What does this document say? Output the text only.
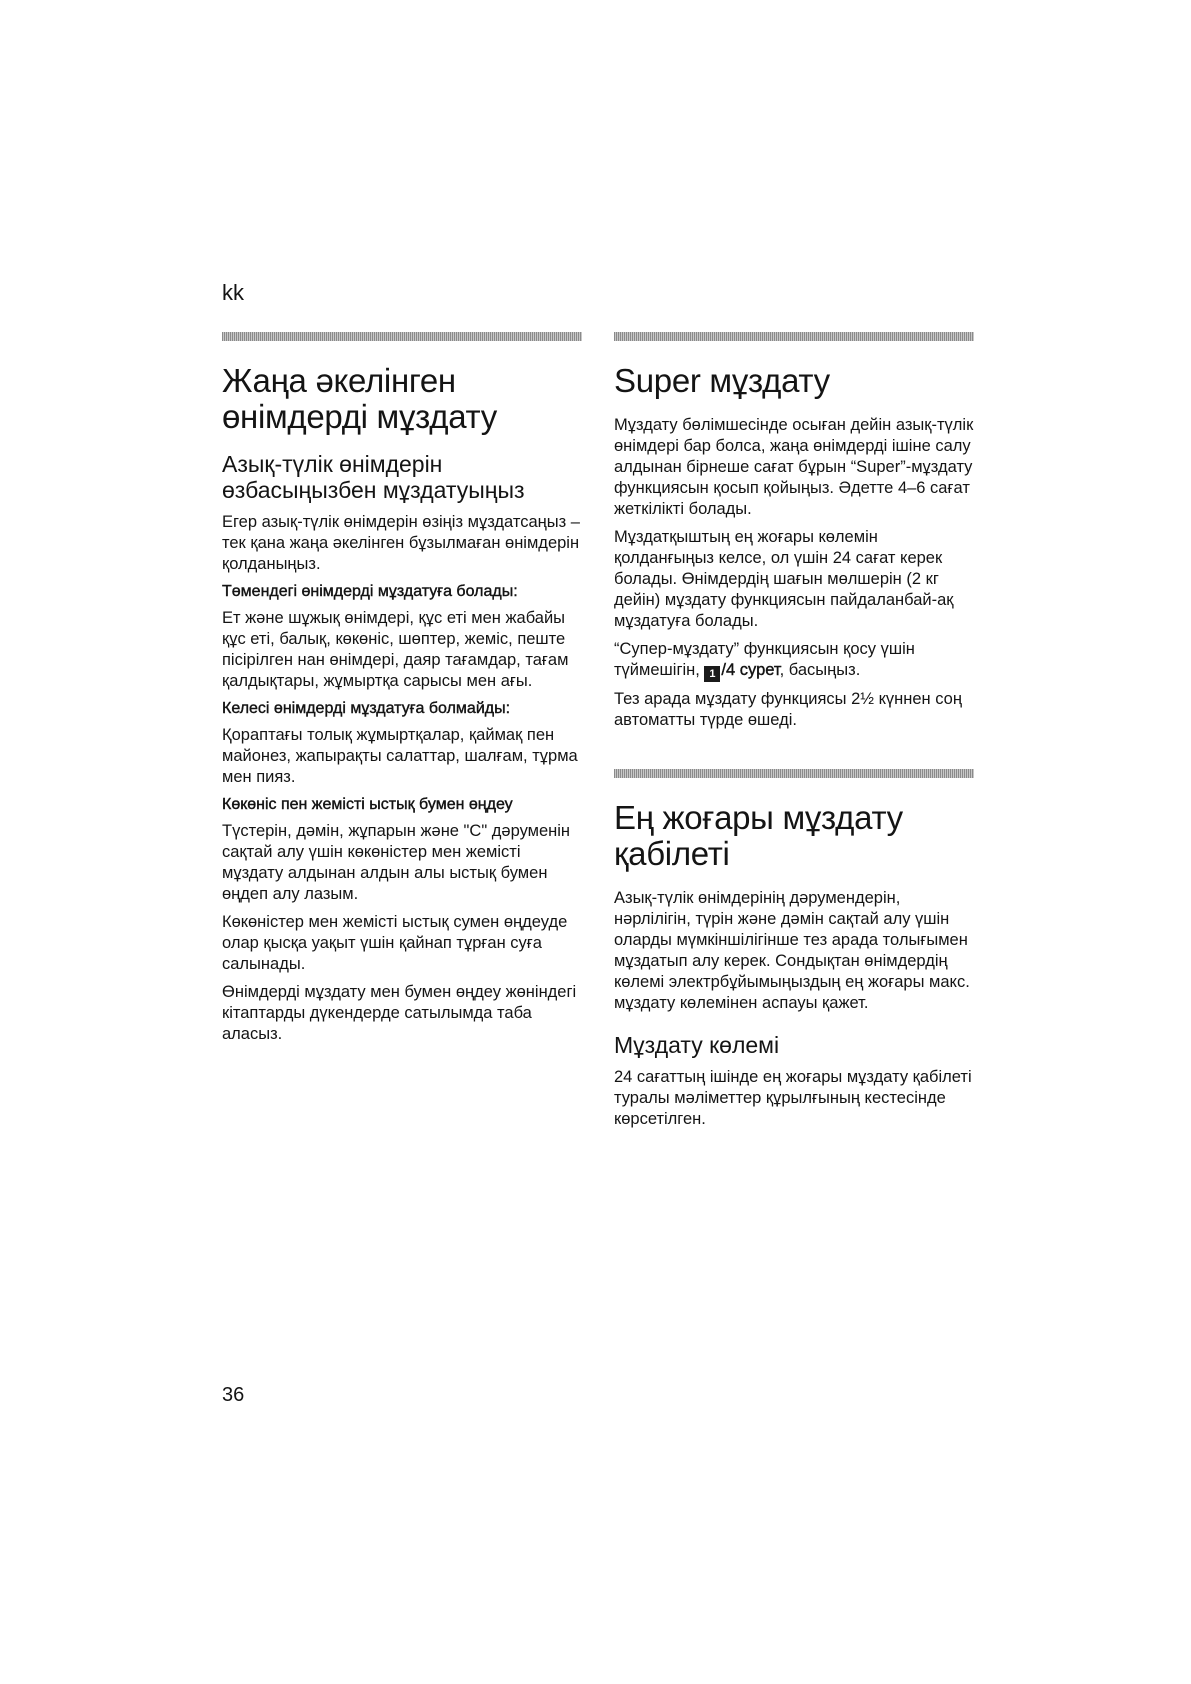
kk
Жаңа әкелінген өнімдерді мұздату
Азық-түлік өнімдерін өзбасыңызбен мұздатуыңыз

Егер азық-түлік өнімдерін өзіңіз мұздатсаңыз – тек қана жаңа әкелінген бұзылмаған өнімдерін қолданыңыз.

Төмендегі өнімдерді мұздатуға болады:

Ет және шұжық өнімдері, құс еті мен жабайы құс еті, балық, көкөніс, шөптер, жеміс, пеште пісірілген нан өнімдері, даяр тағамдар, тағам қалдықтары, жұмыртқа сарысы мен ағы.

Келесі өнімдерді мұздатуға болмайды:

Қораптағы толық жұмыртқалар, қаймақ пен майонез, жапырақты салаттар, шалғам, тұрма мен пияз.

Көкөніс пен жемісті ыстық бумен өңдеу

Түстерін, дәмін, жұпарын және "С" дәруменін сақтай алу үшін көкөністер мен жемісті мұздату алдынан алдын алы ыстық бумен өңдеп алу лазым.

Көкөністер мен жемісті ыстық сумен өңдеуде олар қысқа уақыт үшін қайнап тұрған суға салынады.

Өнімдерді мұздату мен бумен өңдеу жөніндегі кітаптарды дүкендерде сатылымда таба аласыз.

Super мұздату

Мұздату бөлімшесінде осыған дейін азық-түлік өнімдері бар болса, жаңа өнімдерді ішіне салу алдынан бірнеше сағат бұрын “Super”-мұздату функциясын қосып қойыңыз. Әдетте 4–6 сағат жеткілікті болады.

Мұздатқыштың ең жоғары көлемін қолданғыңыз келсе, ол үшін 24 сағат керек болады. Өнімдердің шағын мөлшерін (2 кг дейін) мұздату функциясын пайдаланбай-ақ мұздатуға болады.

“Супер-мұздату” функциясын қосу үшін түймешігін, 1 /4 сурет, басыңыз.

Тез арада мұздату функциясы 2½ күннен соң автоматты түрде өшеді.

Ең жоғары мұздату қабілеті

Азық-түлік өнімдерінің дәрумендерін, нәрлілігін, түрін және дәмін сақтай алу үшін оларды мүмкіншілігінше тез арада толығымен мұздатып алу керек. Сондықтан өнімдердің көлемі электрбұйымыңыздың ең жоғары макс. мұздату көлемінен аспауы қажет.

Мұздату көлемі

24 сағаттың ішінде ең жоғары мұздату қабілеті туралы мәліметтер құрылғының кестесінде көрсетілген.

36
